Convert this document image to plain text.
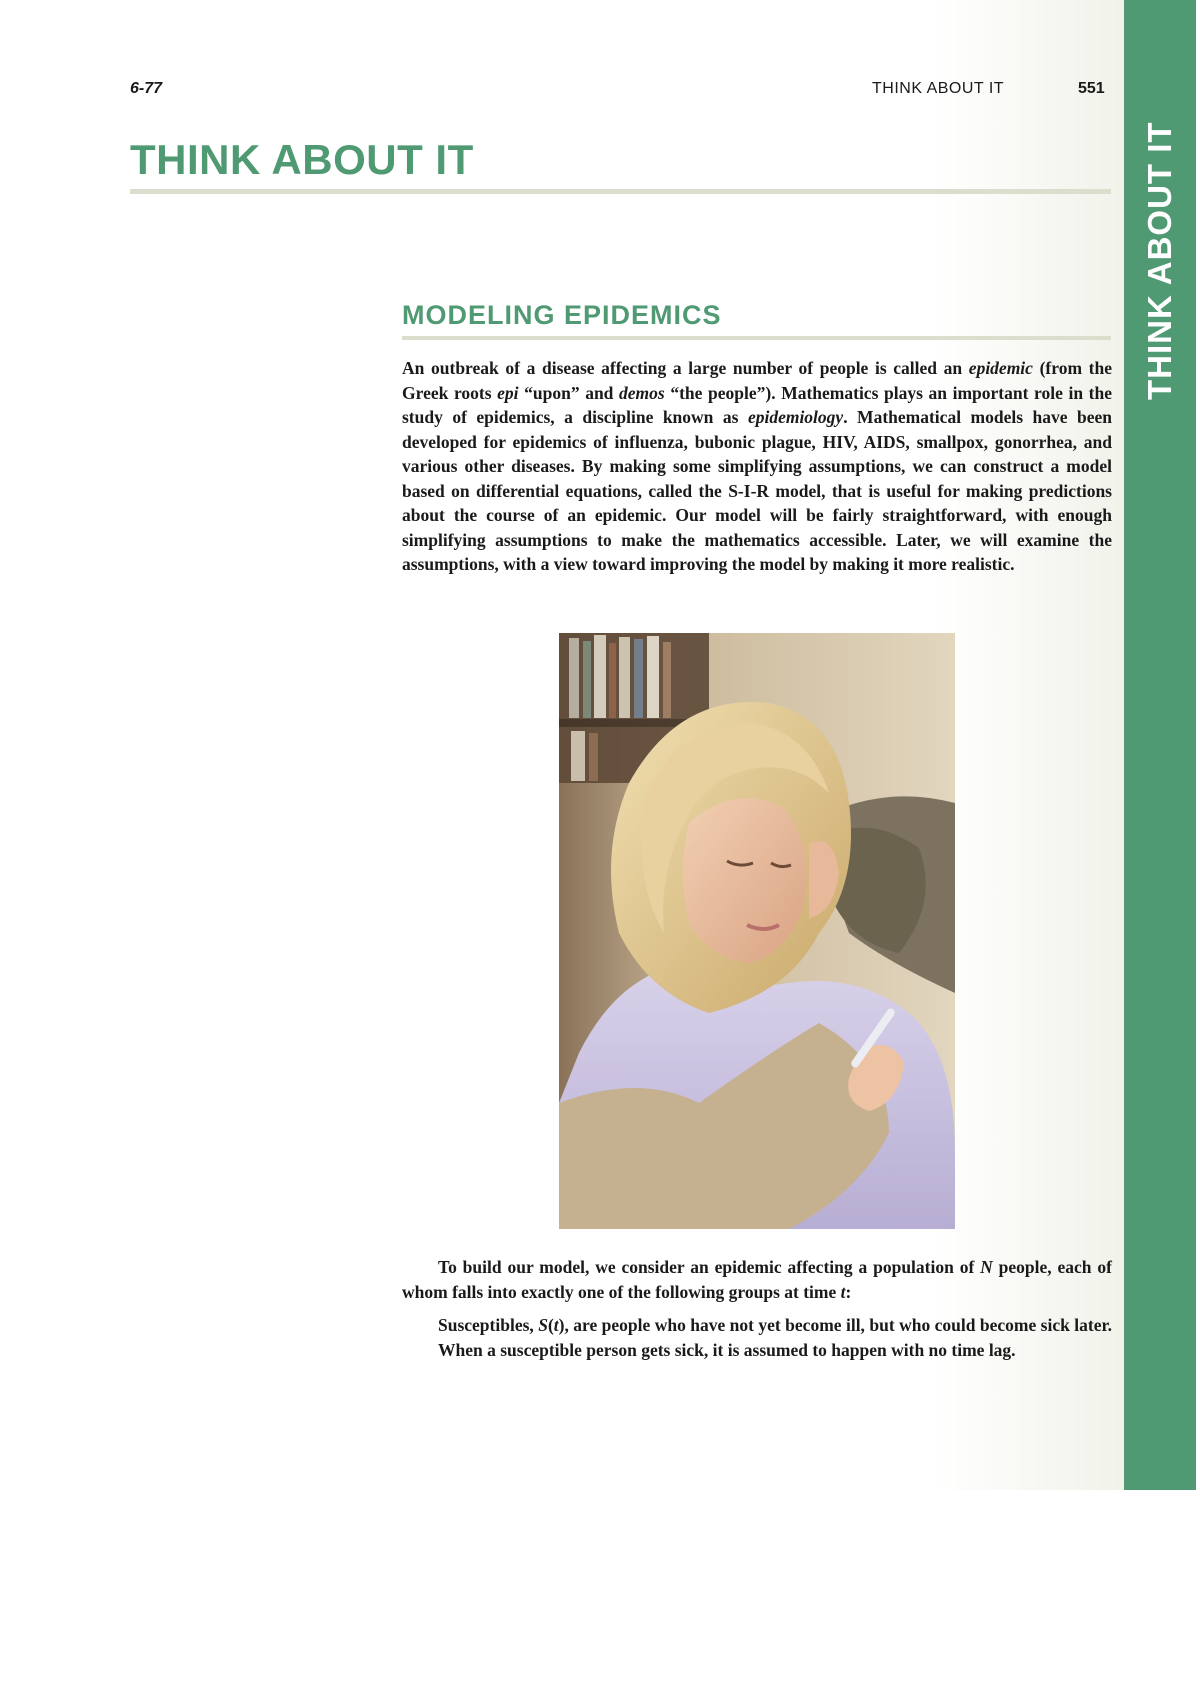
THINK ABOUT IT
6-77	THINK ABOUT IT	551
THINK ABOUT IT
MODELING EPIDEMICS

An outbreak of a disease affecting a large number of people is called an epidemic (from the Greek roots epi “upon” and demos “the people”). Mathematics plays an important role in the study of epidemics, a discipline known as epidemiology. Mathematical models have been developed for epidemics of influenza, bubonic plague, HIV, AIDS, smallpox, gonorrhea, and various other diseases. By making some simplifying assumptions, we can construct a model based on differential equations, called the S-I-R model, that is useful for making predictions about the course of an epidemic. Our model will be fairly straightforward, with enough simplifying assumptions to make the mathematics accessible. Later, we will examine the assumptions, with a view toward improving the model by making it more realistic.

To build our model, we consider an epidemic affecting a population of N people, each of whom falls into exactly one of the following groups at time t:

Susceptibles, S(t), are people who have not yet become ill, but who could become sick later. When a susceptible person gets sick, it is assumed to happen with no time lag.
